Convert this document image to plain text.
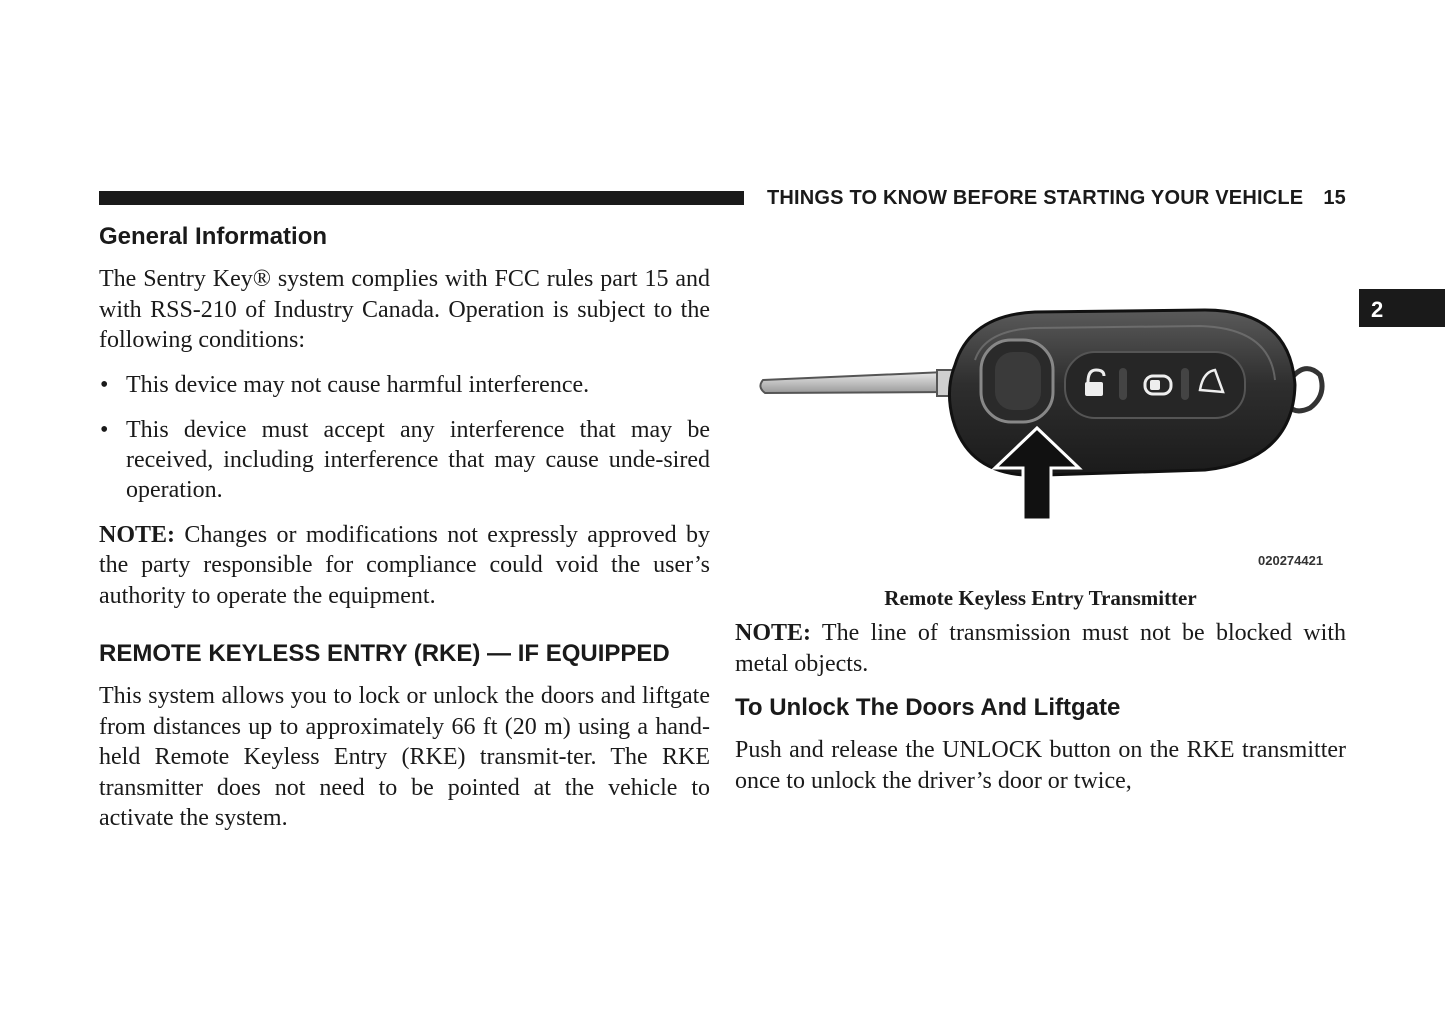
THINGS TO KNOW BEFORE STARTING YOUR VEHICLE 15
2
General Information

The Sentry Key® system complies with FCC rules part 15 and with RSS-210 of Industry Canada. Operation is subject to the following conditions:

• This device may not cause harmful interference.
• This device must accept any interference that may be received, including interference that may cause unde-sired operation.

NOTE: Changes or modifications not expressly approved by the party responsible for compliance could void the user’s authority to operate the equipment.

REMOTE KEYLESS ENTRY (RKE) — IF EQUIPPED

This system allows you to lock or unlock the doors and liftgate from distances up to approximately 66 ft (20 m) using a hand-held Remote Keyless Entry (RKE) transmit-ter. The RKE transmitter does not need to be pointed at the vehicle to activate the system.

020274421
Remote Keyless Entry Transmitter

NOTE: The line of transmission must not be blocked with metal objects.

To Unlock The Doors And Liftgate

Push and release the UNLOCK button on the RKE transmitter once to unlock the driver’s door or twice,
